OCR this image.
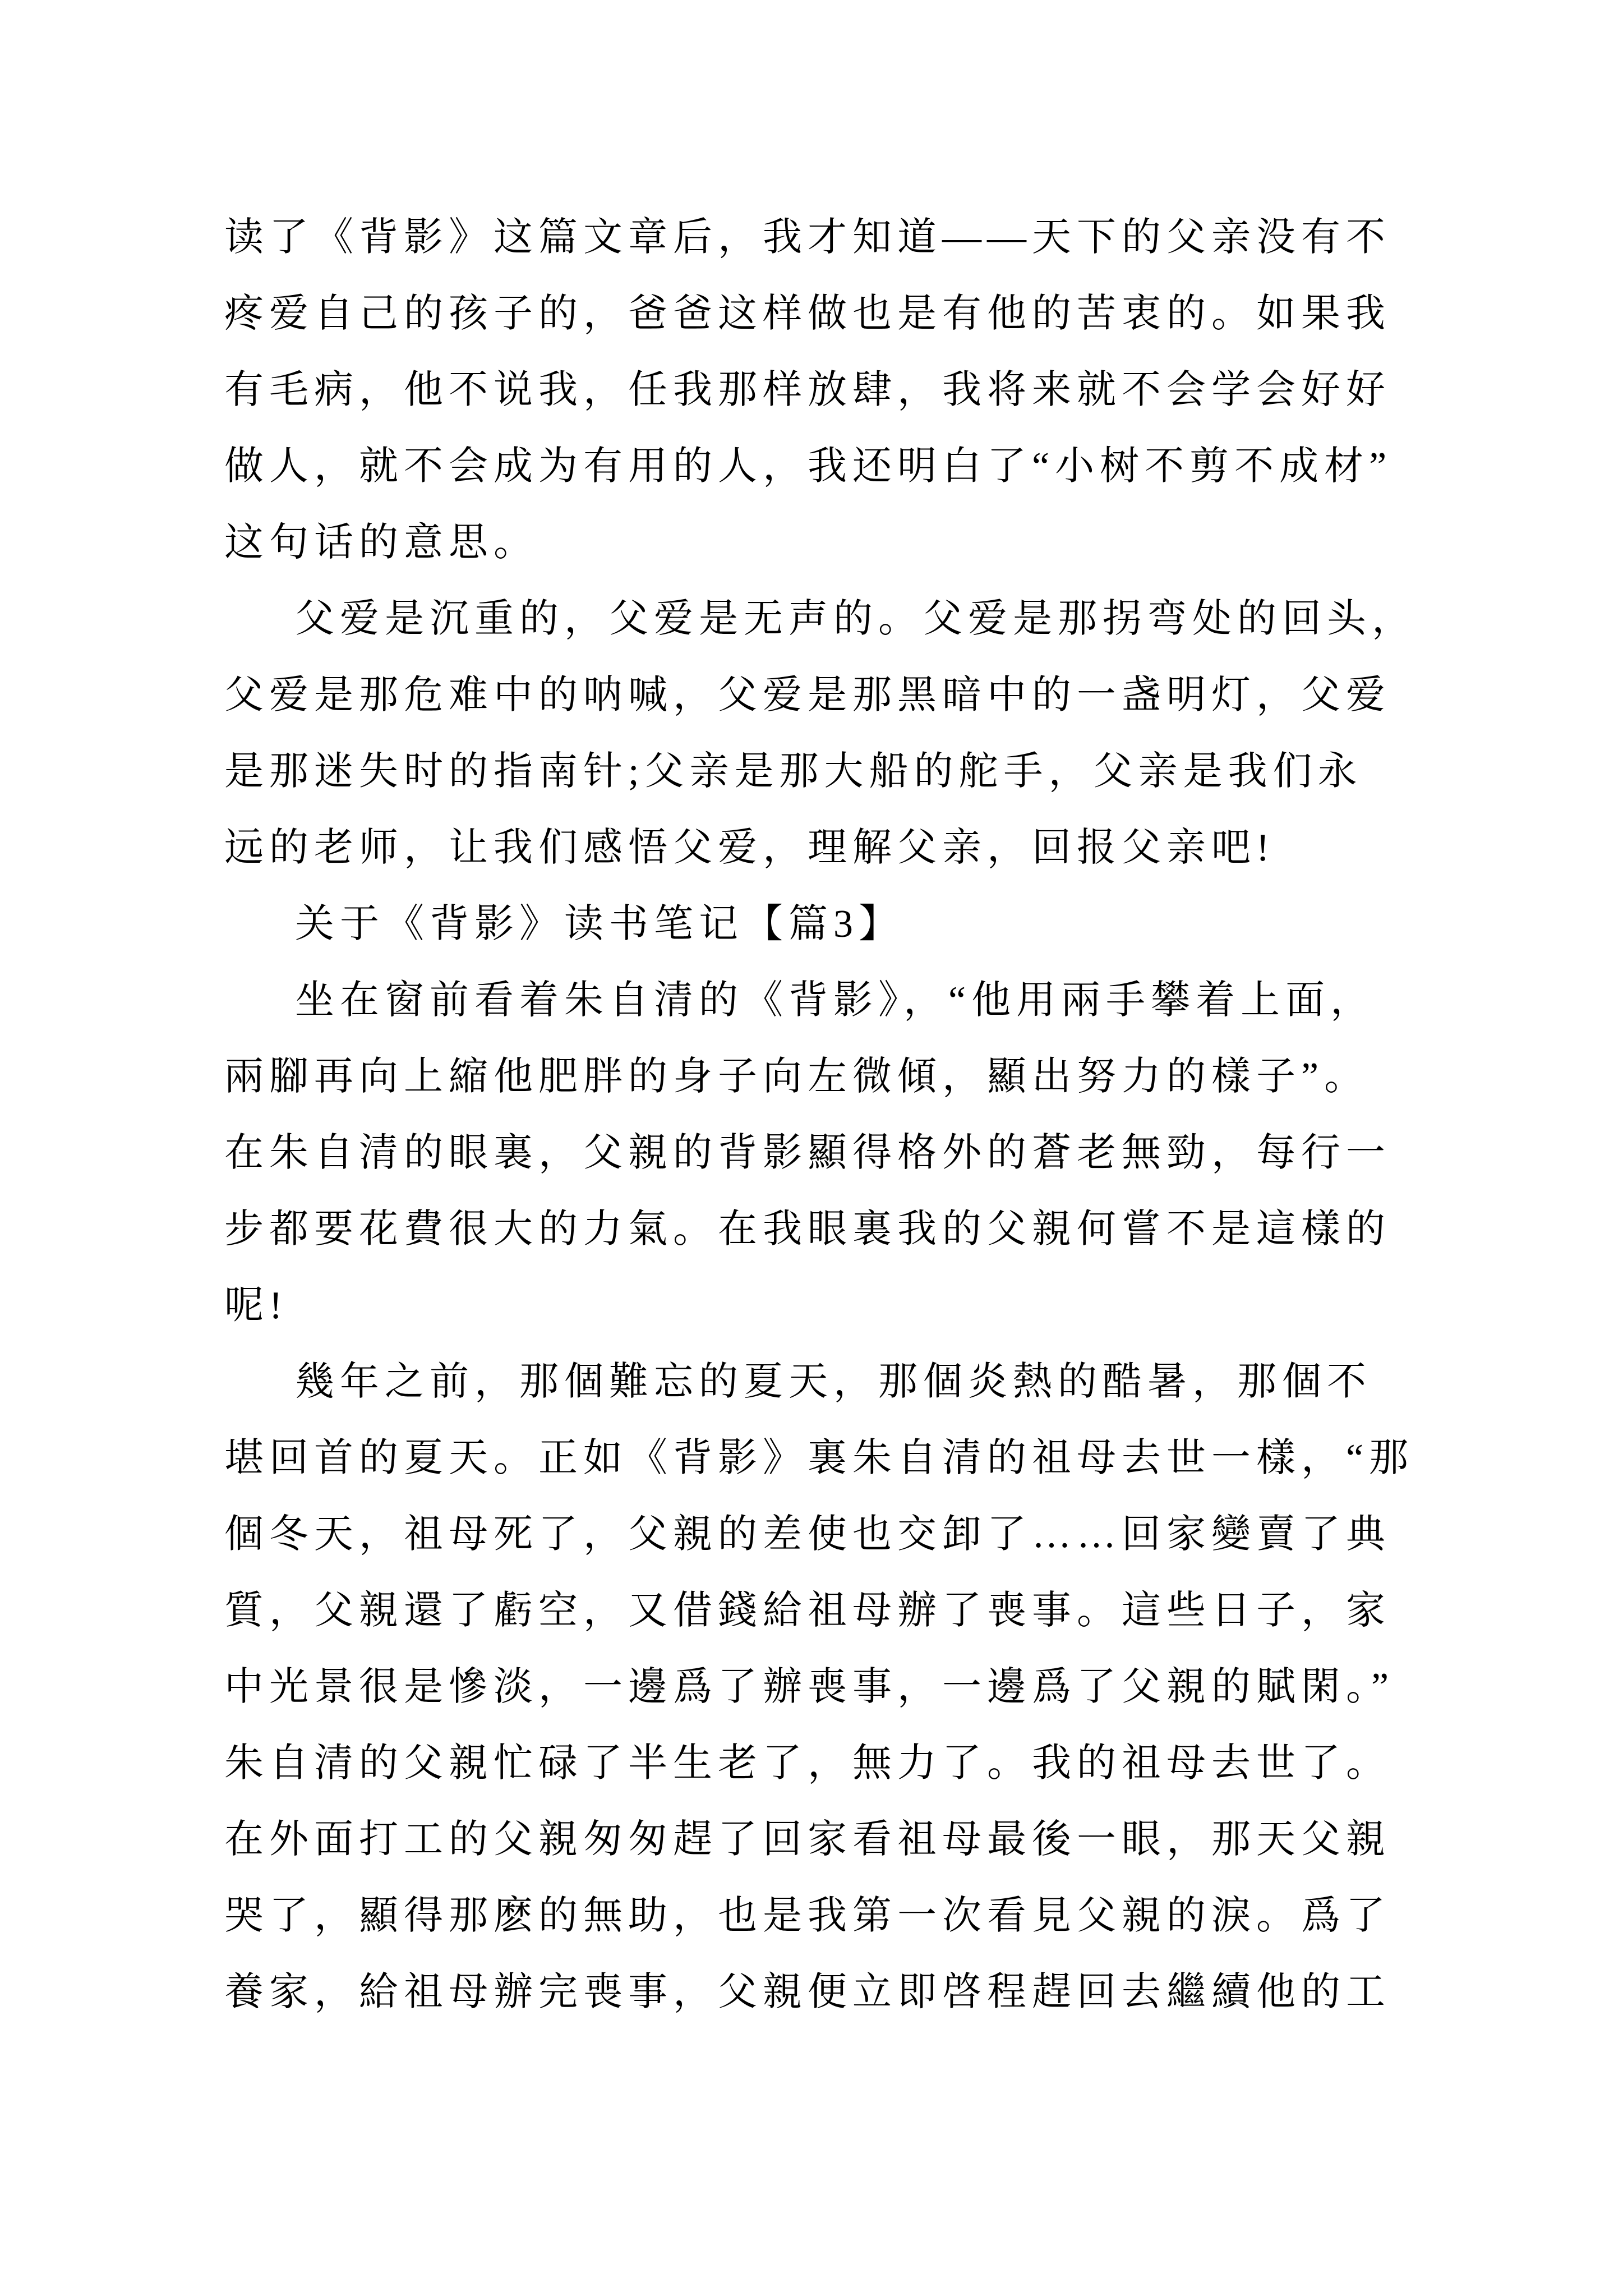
读了《背影》这篇文章后，我才知道——天下的父亲没有不
疼爱自己的孩子的，爸爸这样做也是有他的苦衷的。如果我
有毛病，他不说我，任我那样放肆，我将来就不会学会好好
做人，就不会成为有用的人，我还明白了“小树不剪不成材”
这句话的意思。
父爱是沉重的，父爱是无声的。父爱是那拐弯处的回头，
父爱是那危难中的呐喊，父爱是那黑暗中的一盏明灯，父爱
是那迷失时的指南针;父亲是那大船的舵手，父亲是我们永
远的老师，让我们感悟父爱，理解父亲，回报父亲吧!
关于《背影》读书笔记【篇3】
坐在窗前看着朱自清的《背影》，“他用兩手攀着上面，
兩腳再向上縮他肥胖的身子向左微傾，顯出努力的樣子”。
在朱自清的眼裏，父親的背影顯得格外的蒼老無勁，每行一
步都要花費很大的力氣。在我眼裏我的父親何嘗不是這樣的
呢!
幾年之前，那個難忘的夏天，那個炎熱的酷暑，那個不
堪回首的夏天。正如《背影》裏朱自清的祖母去世一樣，“那
個冬天，祖母死了，父親的差使也交卸了……回家變賣了典
質，父親還了虧空，又借錢給祖母辦了喪事。這些日子，家
中光景很是慘淡，一邊爲了辦喪事，一邊爲了父親的賦閑。”
朱自清的父親忙碌了半生老了，無力了。我的祖母去世了。
在外面打工的父親匆匆趕了回家看祖母最後一眼，那天父親
哭了，顯得那麽的無助，也是我第一次看見父親的淚。爲了
養家，給祖母辦完喪事，父親便立即啓程趕回去繼續他的工
